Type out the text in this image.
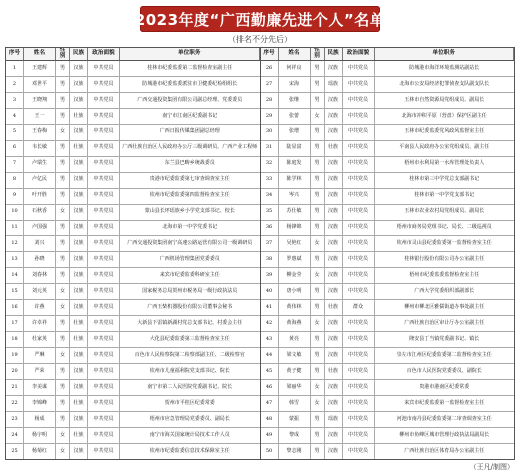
2023年度“广西勤廉先进个人”名单
（排名不分先后）
序号	姓名	性别	民族	政治面貌	单位职务
1	王建辉	男	汉族	中共党员	桂林市纪委监委第二监督检查室副主任
2	邓世平	男	汉族	中共党员	防城港市纪委监委派驻市卫健委纪检组组长
3	王晓翔	男	汉族	中共党员	广西交通投资集团有限公司副总经理、党委委员
4	王一	男	壮族	中共党员	南宁市江南区纪委副书记
5	王春梅	女	汉族	中共党员	广西日报传媒集团副总经理
6	韦长敏	男	壮族	中共党员	广西壮族自治区人民政府办公厅三级调研员、广西产业工程师
7	卢瑞生	男	汉族	中共党员	东兰县巴畴乡统战委员
8	卢亿民	男	汉族	中共党员	贵港市纪委监委第七审查调查室主任
9	叶开胜	男	汉族	中共党员	钦州市纪委监委第四监督检查室主任
10	石秋香	女	汉族	中共党员	蒙山县长坪瑶族乡小学党支部书记、校长
11	卢国强	男	汉族	中共党员	北海市第一中学党委书记
12	刘兴	男	汉族	中共党员	广西交通投资集团南宁高速公路运营有限公司一级调研员
13	孙晓	男	汉族	中共党员	广西机场管理集团党委委员
14	刘春林	男	汉族	中共党员	来宾市纪委监委科研室主任
15	刘元英	女	汉族	中共党员	国家税务总局贺州市税务局一级行政执法员
16	许燕	女	汉族	中共党员	广西玉柴机器股份有限公司董事会秘书
17	许卓祥	男	壮族	中共党员	大新县下雷镇新湖村党总支部书记、村委会主任
18	杜家英	男	壮族	中共党员	大化县纪委监委第三监督检查室主任
19	严琳	女	汉族	中共党员	百色市人民检察院第二检察部副主任、二级检察官
20	严荣	男	汉族	中共党员	钦州市儿童福利院党支部书记、院长
21	李美谋	男	汉族	中共党员	南宁市第二人民医院党委副书记、院长
22	李锦峰	男	壮族	中共党员	贺州市平桂区纪委常委
23	杨成	男	汉族	中共党员	梧州市应急管理局党委委员、副局长
24	杨宇明	女	壮族	中共党员	南宁市海关国家统计局技术工作人员
25	杨菊红	女	汉族	中共党员	钦州市纪委监委信息技术保障室主任
序号	姓名	性别	民族	政治面貌	单位职务
26	何祥良	男	汉族	中共党员	防城港市海洋环境监测站副站长
27	宋海	男	瑶族	中共党员	北海市公安局经济犯罪侦查支队副支队长
28	张继	男	汉族	中共党员	玉林市自然资源局党组成员、副局长
29	张蕾	女	汉族	中共党员	北海市冲积平原（营盘）保护区副主任
30	张增	男	汉族	中共党员	玉林市纪委监委党风政风监督室主任
31	陆显富	男	壮族	中共党员	平南县人民政府办公室党组成员、副主任
32	陈庭发	男	汉族	中共党员	梧州市水利局第一水库管理处负责人
33	陈学林	男	汉族	中共党员	桂林市第三中学党总支部副书记
34	岑兴	男	汉族	中共党员	桂林市第一中学党支部书记
35	苏仕敏	男	汉族	中共党员	玉林市农业农村局党组成员、副局长
36	杨锋锦	男	汉族	中共党员	梧州市商务局党组书记、局长、二级巡视员
37	吴艳红	女	汉族	中共党员	钦州市灵山县纪委监委第一监督检查室主任
38	罗惠斌	男	汉族	中共党员	桂林银行股份有限公司办公室副主任
39	柳金莹	女	汉族	中共党员	梧州市纪委监委监督检查室主任
40	唐小明	男	汉族	中共党员	广西大学党委组织部副部长
41	黄伟林	男	壮族	群众	柳州市柳北区雅儒街道办事处副主任
42	黄海燕	女	汉族	中共党员	广西壮族自治区审计厅办公室副主任
43	黄亮	男	汉族	中共党员	隆安县丁当镇党委副书记、镇长
44	梁文敏	男	汉族	中共党员	崇左市江州区纪委监委第二监督检查室主任
45	黄子健	男	壮族	中共党员	百色市人民医院党委委员、副院长
46	梁丽华	女	汉族	中共党员	贵港市港南区纪委常委
47	韩雪	女	汉族	中共党员	来宾市纪委监委第一监督检查室主任
48	蒙振	男	瑶族	中共党员	河池市南丹县纪委监委第二审查调查室主任
49	黎成	男	汉族	中共党员	柳州市鱼峰区城市管理行政执法局副局长
50	黎志刚	男	汉族	中共党员	广西壮族自治区体育局办公室副主任
（王凡/制图）
